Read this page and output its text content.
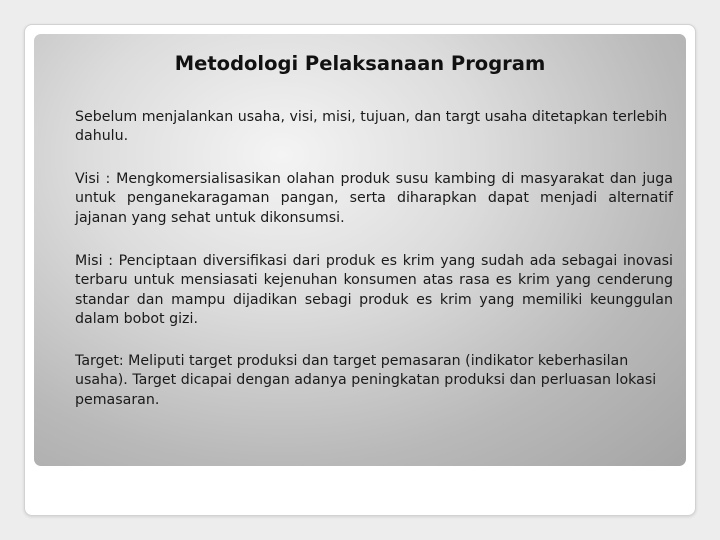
Metodologi Pelaksanaan Program

Sebelum menjalankan usaha, visi, misi, tujuan, dan targt usaha ditetapkan terlebih dahulu.

Visi : Mengkomersialisasikan olahan produk susu kambing di masyarakat dan juga untuk penganekaragaman pangan, serta diharapkan dapat menjadi alternatif jajanan yang sehat untuk dikonsumsi.

Misi : Penciptaan diversifikasi dari produk es krim yang sudah ada sebagai inovasi terbaru untuk mensiasati kejenuhan konsumen atas rasa es krim yang cenderung standar dan mampu dijadikan sebagi produk es krim yang memiliki keunggulan dalam bobot gizi.

Target: Meliputi target produksi dan target pemasaran (indikator keberhasilan usaha). Target dicapai dengan adanya peningkatan produksi dan perluasan lokasi pemasaran.
